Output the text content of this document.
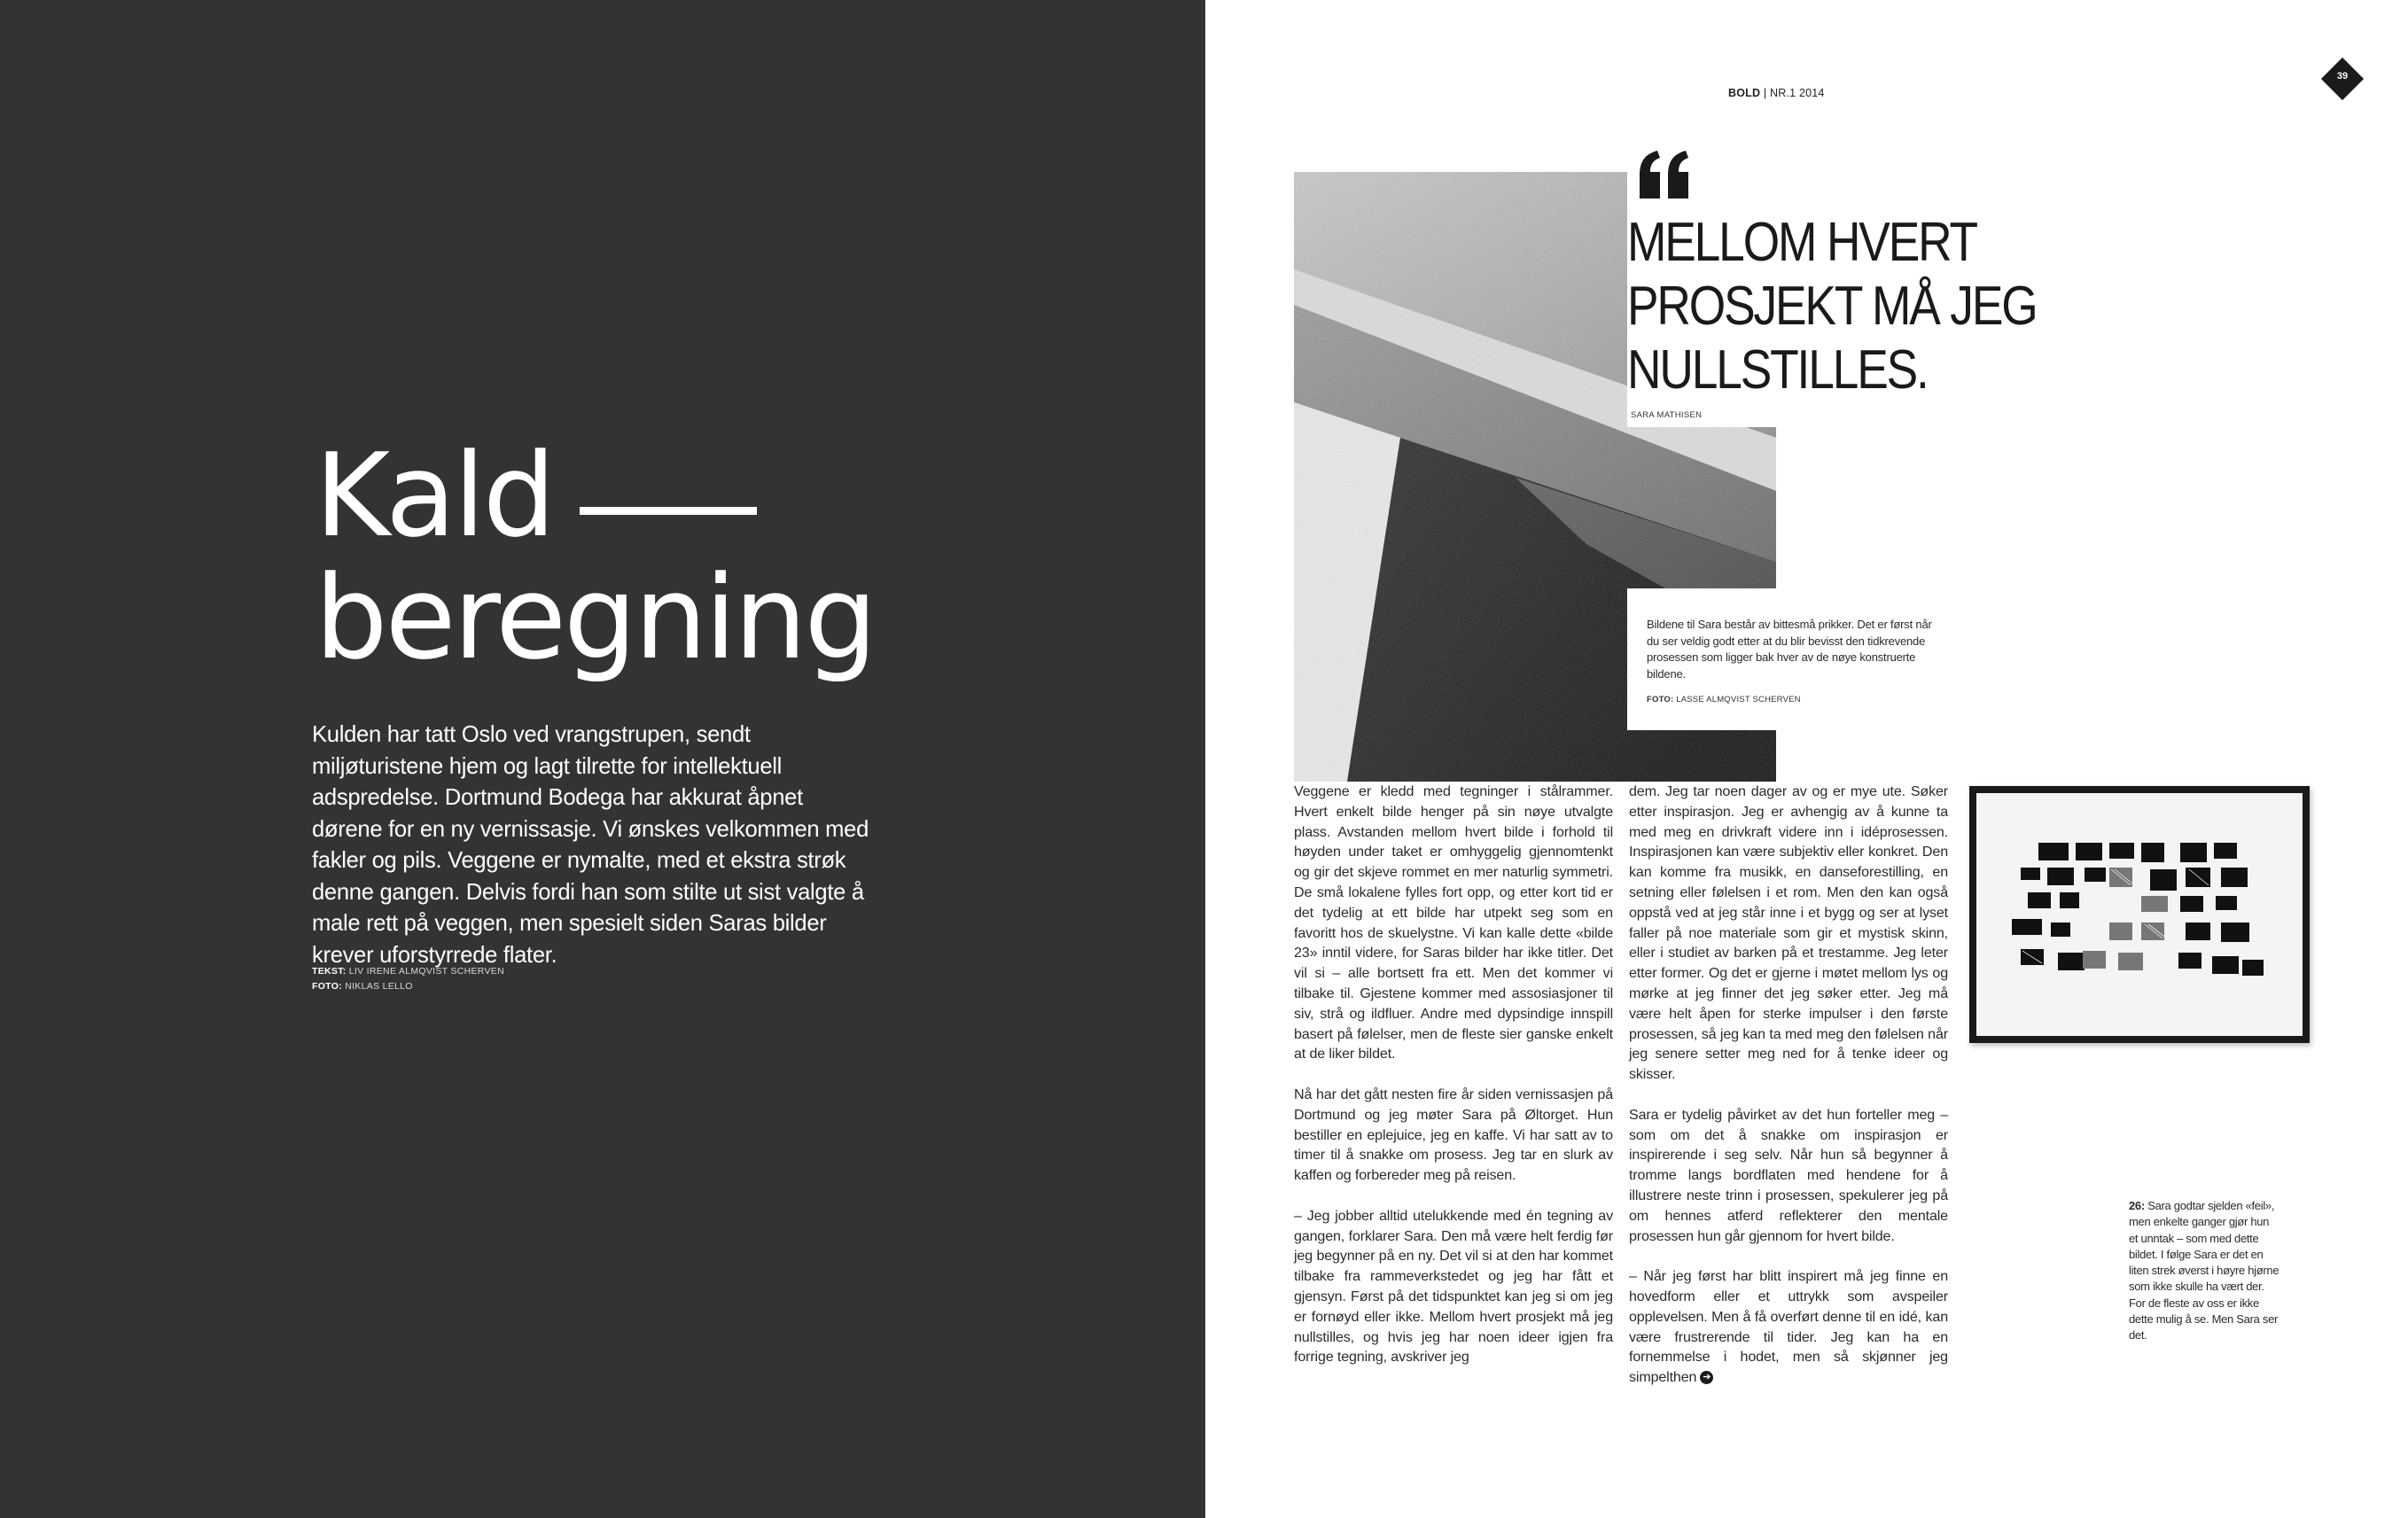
Kald
beregning

Kulden har tatt Oslo ved vrangstrupen, sendt miljøturistene hjem og lagt tilrette for intellektuell adspredelse. Dortmund Bodega har akkurat åpnet dørene for en ny vernissasje. Vi ønskes velkommen med fakler og pils. Veggene er nymalte, med et ekstra strøk denne gangen. Delvis fordi han som stilte ut sist valgte å male rett på veggen, men spesielt siden Saras bilder krever uforstyrrede flater.

TEKST: LIV IRENE ALMQVIST SCHERVEN
FOTO: NIKLAS LELLO
BOLD | NR.1 2014
39
MELLOM HVERT PROSJEKT MÅ JEG NULLSTILLES.
SARA MATHISEN

Bildene til Sara består av bittesmå prikker. Det er først når du ser veldig godt etter at du blir bevisst den tidkrevende prosessen som ligger bak hver av de nøye konstruerte bildene.

FOTO: LASSE ALMQVIST SCHERVEN

Veggene er kledd med tegninger i stålrammer. Hvert enkelt bilde henger på sin nøye utvalgte plass. Avstanden mellom hvert bilde i forhold til høyden under taket er omhyggelig gjennomtenkt og gir det skjeve rommet en mer naturlig symmetri. De små lokalene fylles fort opp, og etter kort tid er det tydelig at ett bilde har utpekt seg som en favoritt hos de skuelystne. Vi kan kalle dette «bilde 23» inntil videre, for Saras bilder har ikke titler. Det vil si – alle bortsett fra ett. Men det kommer vi tilbake til. Gjestene kommer med assosiasjoner til siv, strå og ildfluer. Andre med dypsindige innspill basert på følelser, men de fleste sier ganske enkelt at de liker bildet.

Nå har det gått nesten fire år siden vernissasjen på Dortmund og jeg møter Sara på Øltorget. Hun bestiller en eplejuice, jeg en kaffe. Vi har satt av to timer til å snakke om prosess. Jeg tar en slurk av kaffen og forbereder meg på reisen.

– Jeg jobber alltid utelukkende med én tegning av gangen, forklarer Sara. Den må være helt ferdig før jeg begynner på en ny. Det vil si at den har kommet tilbake fra rammeverkstedet og jeg har fått et gjensyn. Først på det tidspunktet kan jeg si om jeg er fornøyd eller ikke. Mellom hvert prosjekt må jeg nullstilles, og hvis jeg har noen ideer igjen fra forrige tegning, avskriver jeg

dem. Jeg tar noen dager av og er mye ute. Søker etter inspirasjon. Jeg er avhengig av å kunne ta med meg en drivkraft videre inn i idéprosessen. Inspirasjonen kan være subjektiv eller konkret. Den kan komme fra musikk, en danseforestilling, en setning eller følelsen i et rom. Men den kan også oppstå ved at jeg står inne i et bygg og ser at lyset faller på noe materiale som gir et mystisk skinn, eller i studiet av barken på et trestamme. Jeg leter etter former. Og det er gjerne i møtet mellom lys og mørke at jeg finner det jeg søker etter. Jeg må være helt åpen for sterke impulser i den første prosessen, så jeg kan ta med meg den følelsen når jeg senere setter meg ned for å tenke ideer og skisser.

Sara er tydelig påvirket av det hun forteller meg – som om det å snakke om inspirasjon er inspirerende i seg selv. Når hun så begynner å tromme langs bordflaten med hendene for å illustrere neste trinn i prosessen, spekulerer jeg på om hennes atferd reflekterer den mentale prosessen hun går gjennom for hvert bilde.

– Når jeg først har blitt inspirert må jeg finne en hovedform eller et uttrykk som avspeiler opplevelsen. Men å få overført denne til en idé, kan være frustrerende til tider. Jeg kan ha en fornemmelse i hodet, men så skjønner jeg simpelthen ➔

26: Sara godtar sjelden «feil», men enkelte ganger gjør hun et unntak – som med dette bildet. I følge Sara er det en liten strek øverst i høyre hjørne som ikke skulle ha vært der. For de fleste av oss er ikke dette mulig å se. Men Sara ser det.
